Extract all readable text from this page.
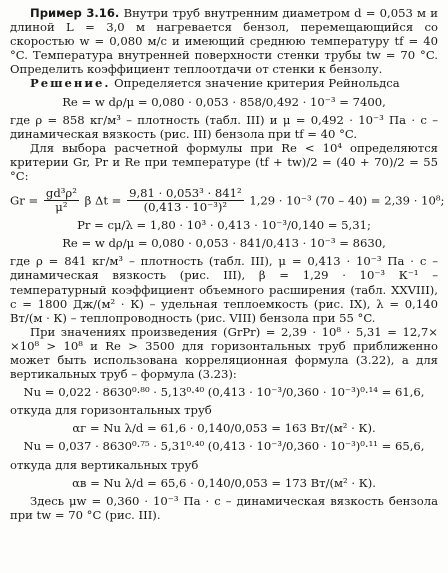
Пример 3.16. Внутри труб внутренним диаметром d = 0,053 м и длиной L = 3,0 м нагревается бензол, перемещающийся со скоростью w = 0,080 м/с и имеющий среднюю температуру tf = 40 °C. Температура внутренней поверхности стенки трубы tw = 70 °C. Определить коэффициент теплоотдачи от стенки к бензолу.

Решение. Определяется значение критерия Рейнольдса

Re = w dρ/μ = 0,080 · 0,053 · 858/0,492 · 10⁻³ = 7400,

где ρ = 858 кг/м³ – плотность (табл. III) и μ = 0,492 · 10⁻³ Па · с – динамическая вязкость (рис. III) бензола при tf = 40 °C.

Для выбора расчетной формулы при Re < 10⁴ определяются критерии Gr, Pr и Re при температуре (tf + tw)/2 = (40 + 70)/2 = 55 °C:

$Gr = \frac{\text{gd³ρ²}}{\text{μ²}}$ β $\Delta t = \frac{\text{9,81 · 0,053³ · 841²}}{\text{(0,413 · 10⁻³)²}} 1,29 \cdot 10^{-3}$ (70 – 40) = 2,39 · 10⁸;
Pr = cμ/λ = 1,80 · 10³ · 0,413 · 10⁻³/0,140 = 5,31;
Re = w dρ/μ = 0,080 · 0,053 · 841/0,413 · 10⁻³ = 8630,

где ρ = 841 кг/м³ – плотность (табл. III), μ = 0,413 · 10⁻³ Па · с – динамическая вязкость (рис. III), β = 1,29 · 10⁻³ К⁻¹ – температурный коэффициент объемного расширения (табл. XXVIII), с = 1800 Дж/(м² · К) – удельная теплоемкость (рис. IX), λ = 0,140 Вт/(м · К) – теплопроводность (рис. VIII) бензола при 55 °C.

При значениях произведения (GrPr) = 2,39 · 10⁸ · 5,31 = 12,7× ×10⁸ > 10⁸ и Re > 3500 для горизонтальных труб приближенно может быть использована корреляционная формула (3.22), а для вертикальных труб – формула (3.23):

Nu = 0,022 · 8630⁰·⁸⁰ · 5,13⁰·⁴⁰ (0,413 · 10⁻³/0,360 · 10⁻³)⁰·¹⁴ = 61,6,

откуда для горизонтальных труб

αг = Nu λ/d = 61,6 · 0,140/0,053 = 163 Вт/(м² · К).
Nu = 0,037 · 8630⁰·⁷⁵ · 5,31⁰·⁴⁰ (0,413 · 10⁻³/0,360 · 10⁻³)⁰·¹¹ = 65,6,

откуда для вертикальных труб

αв = Nu λ/d = 65,6 · 0,140/0,053 = 173 Вт/(м² · К).

Здесь μw = 0,360 · 10⁻³ Па · с – динамическая вязкость бензола при tw = 70 °C (рис. III).
